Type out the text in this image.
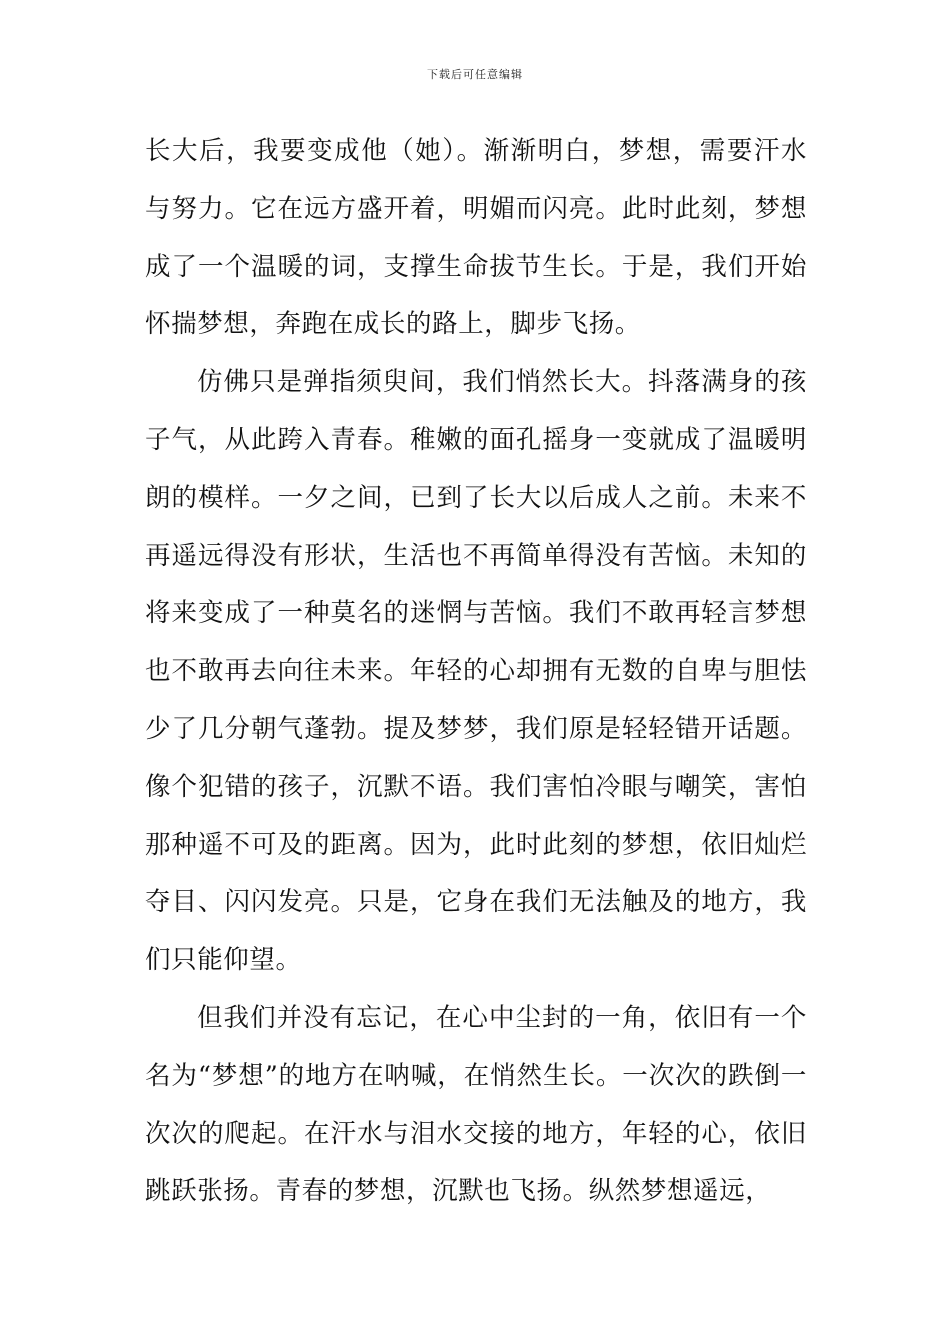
下载后可任意编辑

长大后，我要变成他（她）。渐渐明白，梦想，需要汗水与努力。它在远方盛开着，明媚而闪亮。此时此刻，梦想成了一个温暖的词，支撑生命拔节生长。于是，我们开始怀揣梦想，奔跑在成长的路上，脚步飞扬。

仿佛只是弹指须臾间，我们悄然长大。抖落满身的孩子气，从此跨入青春。稚嫩的面孔摇身一变就成了温暖明朗的模样。一夕之间，已到了长大以后成人之前。未来不再遥远得没有形状，生活也不再简单得没有苦恼。未知的将来变成了一种莫名的迷惘与苦恼。我们不敢再轻言梦想也不敢再去向往未来。年轻的心却拥有无数的自卑与胆怯少了几分朝气蓬勃。提及梦梦，我们原是轻轻错开话题。像个犯错的孩子，沉默不语。我们害怕冷眼与嘲笑，害怕那种遥不可及的距离。因为，此时此刻的梦想，依旧灿烂夺目、闪闪发亮。只是，它身在我们无法触及的地方，我们只能仰望。

但我们并没有忘记，在心中尘封的一角，依旧有一个名为“梦想”的地方在呐喊，在悄然生长。一次次的跌倒一次次的爬起。在汗水与泪水交接的地方，年轻的心，依旧跳跃张扬。青春的梦想，沉默也飞扬。纵然梦想遥远，
